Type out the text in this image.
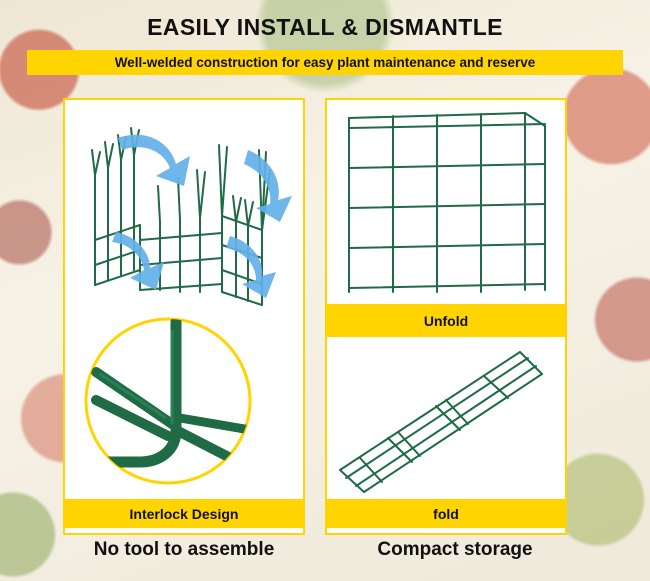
EASILY INSTALL & DISMANTLE
Well-welded construction for easy plant maintenance and reserve
Unfold
fold
Interlock Design
No tool to assemble	Compact storage
